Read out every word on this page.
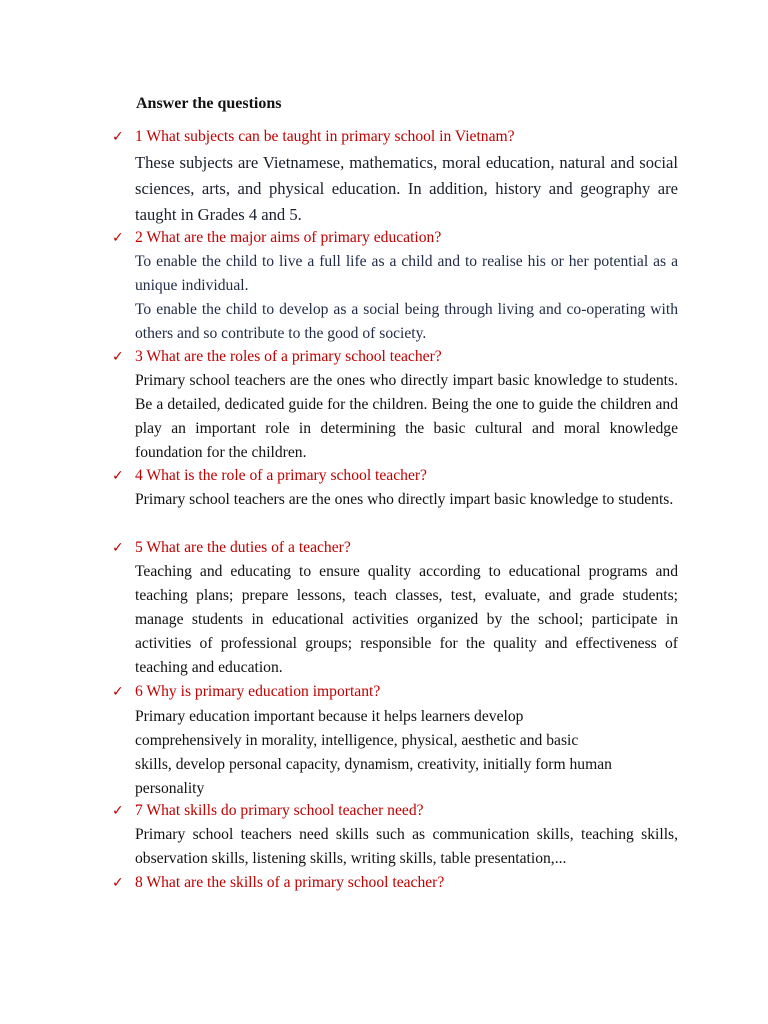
Answer the questions
✓ 1 What subjects can be taught in primary school in Vietnam?
These subjects are Vietnamese, mathematics, moral education, natural and social sciences, arts, and physical education. In addition, history and geography are taught in Grades 4 and 5.
✓ 2 What are the major aims of primary education?

To enable the child to live a full life as a child and to realise his or her potential as a unique individual.

To enable the child to develop as a social being through living and co-operating with others and so contribute to the good of society.

✓ 3 What are the roles of a primary school teacher?
Primary school teachers are the ones who directly impart basic knowledge to students. Be a detailed, dedicated guide for the children. Being the one to guide the children and play an important role in determining the basic cultural and moral knowledge foundation for the children.
✓ 4 What is the role of a primary school teacher?
Primary school teachers are the ones who directly impart basic knowledge to students.
✓ 5 What are the duties of a teacher?
Teaching and educating to ensure quality according to educational programs and teaching plans; prepare lessons, teach classes, test, evaluate, and grade students; manage students in educational activities organized by the school; participate in activities of professional groups; responsible for the quality and effectiveness of teaching and education.
✓ 6 Why is primary education important?

Primary education important because it helps learners develop

comprehensively in morality, intelligence, physical, aesthetic and basic

skills, develop personal capacity, dynamism, creativity, initially form human

personality

✓ 7 What skills do primary school teacher need?
Primary school teachers need skills such as communication skills, teaching skills, observation skills, listening skills, writing skills, table presentation,...
✓ 8 What are the skills of a primary school teacher?
